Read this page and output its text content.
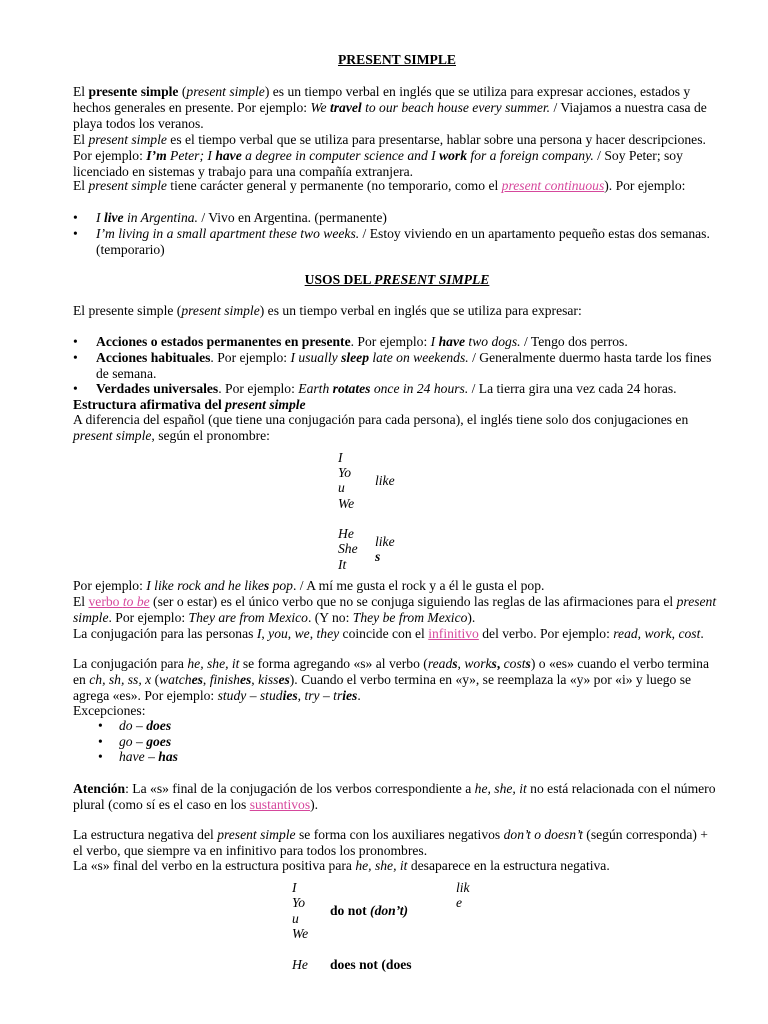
PRESENT SIMPLE
El presente simple (present simple) es un tiempo verbal en inglés que se utiliza para expresar acciones, estados y hechos generales en presente. Por ejemplo: We travel to our beach house every summer. / Viajamos a nuestra casa de playa todos los veranos.
El present simple es el tiempo verbal que se utiliza para presentarse, hablar sobre una persona y hacer descripciones. Por ejemplo: I’m Peter; I have a degree in computer science and I work for a foreign company. / Soy Peter; soy licenciado en sistemas y trabajo para una compañía extranjera.
El present simple tiene carácter general y permanente (no temporario, como el present continuous). Por ejemplo:
• I live in Argentina. / Vivo en Argentina. (permanente)
• I’m living in a small apartment these two weeks. / Estoy viviendo en un apartamento pequeño estas dos semanas. (temporario)
USOS DEL PRESENT SIMPLE
El presente simple (present simple) es un tiempo verbal en inglés que se utiliza para expresar:
• Acciones o estados permanentes en presente. Por ejemplo: I have two dogs. / Tengo dos perros.
• Acciones habituales. Por ejemplo: I usually sleep late on weekends. / Generalmente duermo hasta tarde los fines de semana.
• Verdades universales. Por ejemplo: Earth rotates once in 24 hours. / La tierra gira una vez cada 24 horas.
Estructura afirmativa del present simple
A diferencia del español (que tiene una conjugación para cada persona), el inglés tiene solo dos conjugaciones en present simple, según el pronombre:
I
Yo
u
We
like
He
She
It
like
s
Por ejemplo: I like rock and he likes pop. / A mí me gusta el rock y a él le gusta el pop.
El verbo to be (ser o estar) es el único verbo que no se conjuga siguiendo las reglas de las afirmaciones para el present simple. Por ejemplo: They are from Mexico. (Y no: They be from Mexico).
La conjugación para las personas I, you, we, they coincide con el infinitivo del verbo. Por ejemplo: read, work, cost.
La conjugación para he, she, it se forma agregando «s» al verbo (reads, works, costs) o «es» cuando el verbo termina en ch, sh, ss, x (watches, finishes, kisses). Cuando el verbo termina en «y», se reemplaza la «y» por «i» y luego se agrega «es». Por ejemplo: study – studies, try – tries.
Excepciones:
• do – does
• go – goes
• have – has
Atención: La «s» final de la conjugación de los verbos correspondiente a he, she, it no está relacionada con el número plural (como sí es el caso en los sustantivos).
La estructura negativa del present simple se forma con los auxiliares negativos don’t o doesn’t (según corresponda) + el verbo, que siempre va en infinitivo para todos los pronombres.
La «s» final del verbo en la estructura positiva para he, she, it desaparece en la estructura negativa.
I
Yo
u
We
do not (don’t)
lik
e
He does not (does
